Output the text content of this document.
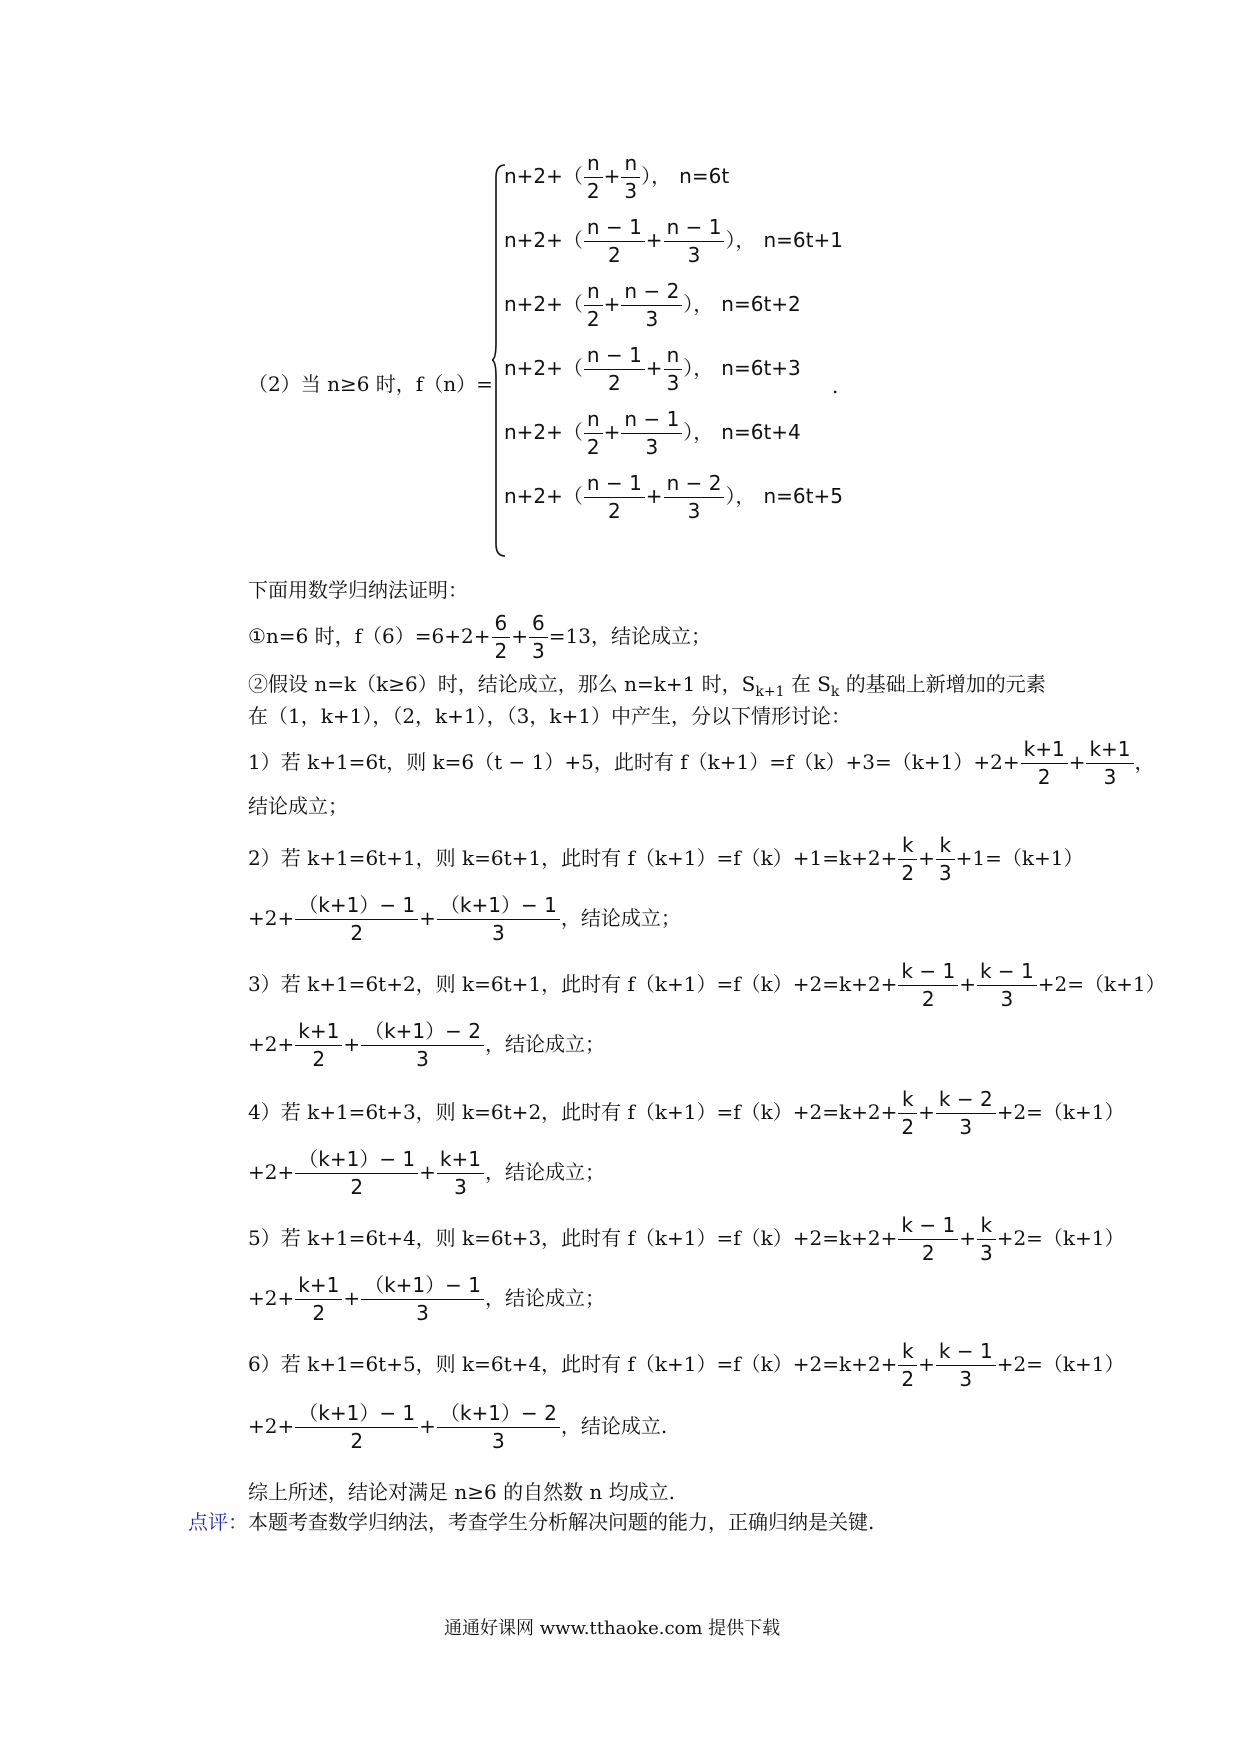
（2）当 n≥6 时，f（n）=
$n+2+( \frac{n}{2} + \frac{n}{3}$ ）， n=6t
$n+2+( \frac{n - 1}{2} + \frac{n - 1}{3}$ ）， n=6t+1
$n+2+( \frac{n}{2} + \frac{n - 2}{3}$ ）， n=6t+2
$n+2+( \frac{n - 1}{2} + \frac{n}{3}$ ）， n=6t+3
$n+2+( \frac{n}{2} + \frac{n - 1}{3}$ ）， n=6t+4
$n+2+( \frac{n - 1}{2} + \frac{n - 2}{3}$ ）， n=6t+5
.
下面用数学归纳法证明：
①n=6 时，$f(6)=6+2+ \frac{6}{2} + \frac{6}{3} =13$，结论成立；
②假设 n=k（k≥6）时，结论成立，那么 n=k+1 时，$S_{k+1}$ 在 $S_k$ 的基础上新增加的元素
在（1，k+1），（2，k+1），（3，k+1）中产生，分以下情形讨论：
1）若 k+1=6t，则 k=6（t − 1）+5，此时有 $f(k+1)=f(k)+3=(k+1)+2+ \frac{k+1}{2} + \frac{k+1}{3}$ ，
结论成立；
2）若 k+1=6t+1，则 k=6t+1，此时有 $f(k+1)=f(k)+1=k+2+ \frac{k}{2} + \frac{k}{3} +1=(k+1)$
$+2+ \frac{(k+1)- 1}{2} + \frac{(k+1)- 1}{3}$ ，结论成立；
3）若 k+1=6t+2，则 k=6t+1，此时有 $f(k+1)=f(k)+2=k+2+ \frac{k - 1}{2} + \frac{k - 1}{3} +2=(k+1)$
$+2+ \frac{k+1}{2} + \frac{(k+1)- 2}{3}$ ，结论成立；
4）若 k+1=6t+3，则 k=6t+2，此时有 $f(k+1)=f(k)+2=k+2+ \frac{k}{2} + \frac{k - 2}{3} +2=(k+1)$
$+2+ \frac{(k+1)- 1}{2} + \frac{k+1}{3}$ ，结论成立；
5）若 k+1=6t+4，则 k=6t+3，此时有 $f(k+1)=f(k)+2=k+2+ \frac{k - 1}{2} + \frac{k}{3} +2=(k+1)$
$+2+ \frac{k+1}{2} + \frac{(k+1)- 1}{3}$ ，结论成立；
6）若 k+1=6t+5，则 k=6t+4，此时有 $f(k+1)=f(k)+2=k+2+ \frac{k}{2} + \frac{k - 1}{3} +2=(k+1)$
$+2+ \frac{(k+1)- 1}{2} + \frac{(k+1)- 2}{3}$ ，结论成立.
综上所述，结论对满足 n≥6 的自然数 n 均成立.
点评：本题考查数学归纳法，考查学生分析解决问题的能力，正确归纳是关键.
通通好课网 www.tthaoke.com 提供下载
